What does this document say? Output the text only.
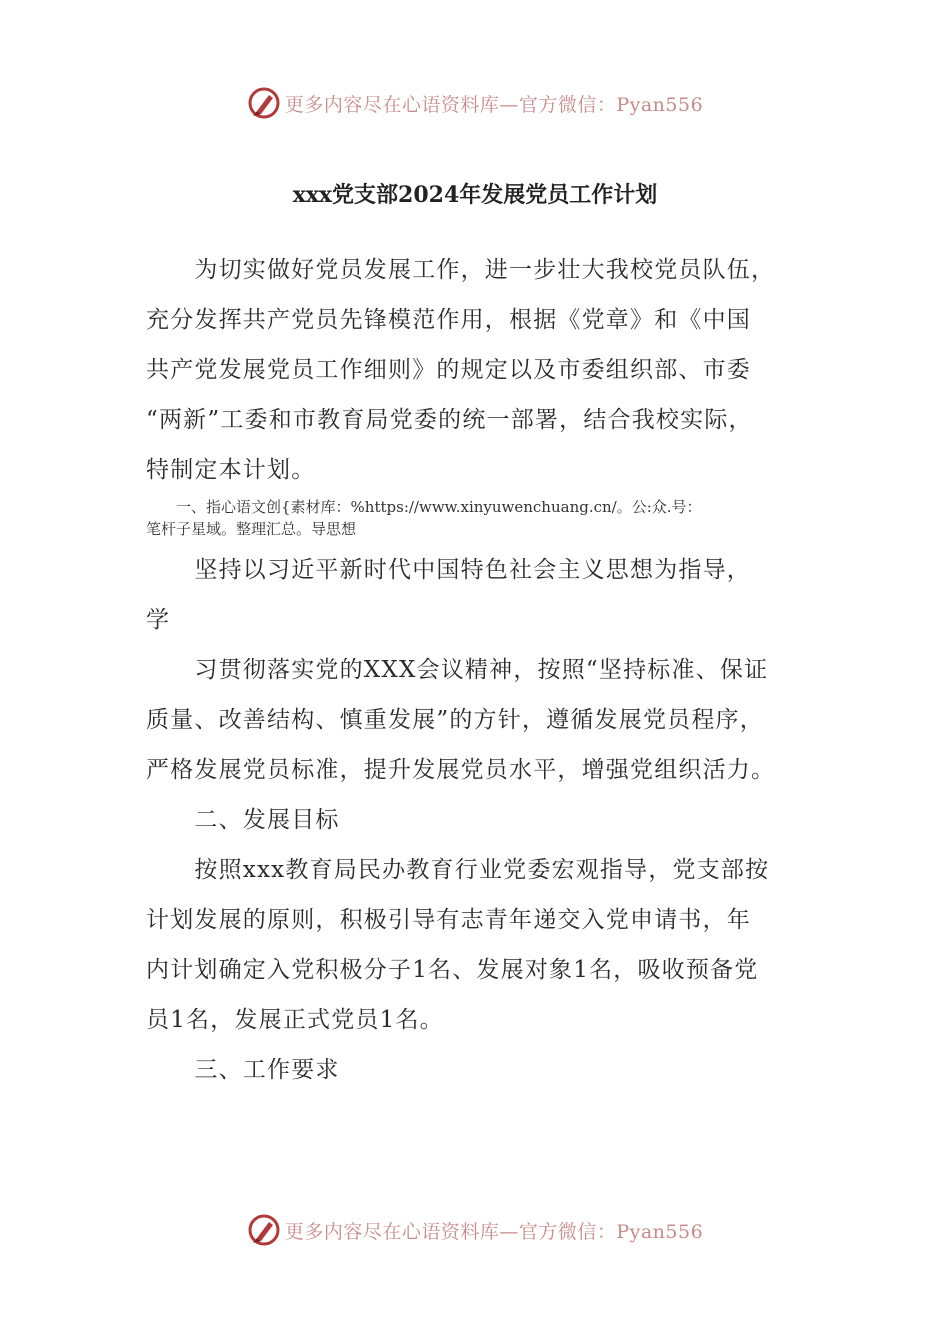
更多内容尽在心语资料库—官方微信：Pyan556
xxx党支部2024年发展党员工作计划
　　为切实做好党员发展工作，进一步壮大我校党员队伍，
充分发挥共产党员先锋模范作用，根据《党章》和《中国
共产党发展党员工作细则》的规定以及市委组织部、市委
“两新”工委和市教育局党委的统一部署，结合我校实际，
特制定本计划。
　　一、指心语文创{素材库：%https://www.xinyuwenchuang.cn/。公:众.号：
笔杆子星域。整理汇总。导思想
　　坚持以习近平新时代中国特色社会主义思想为指导，
学
　　习贯彻落实党的XXX会议精神，按照“坚持标准、保证
质量、改善结构、慎重发展”的方针，遵循发展党员程序，
严格发展党员标准，提升发展党员水平，增强党组织活力。
　　二、发展目标
　　按照xxx教育局民办教育行业党委宏观指导，党支部按
计划发展的原则，积极引导有志青年递交入党申请书，年
内计划确定入党积极分子1名、发展对象1名，吸收预备党
员1名，发展正式党员1名。
　　三、工作要求
更多内容尽在心语资料库—官方微信：Pyan556
